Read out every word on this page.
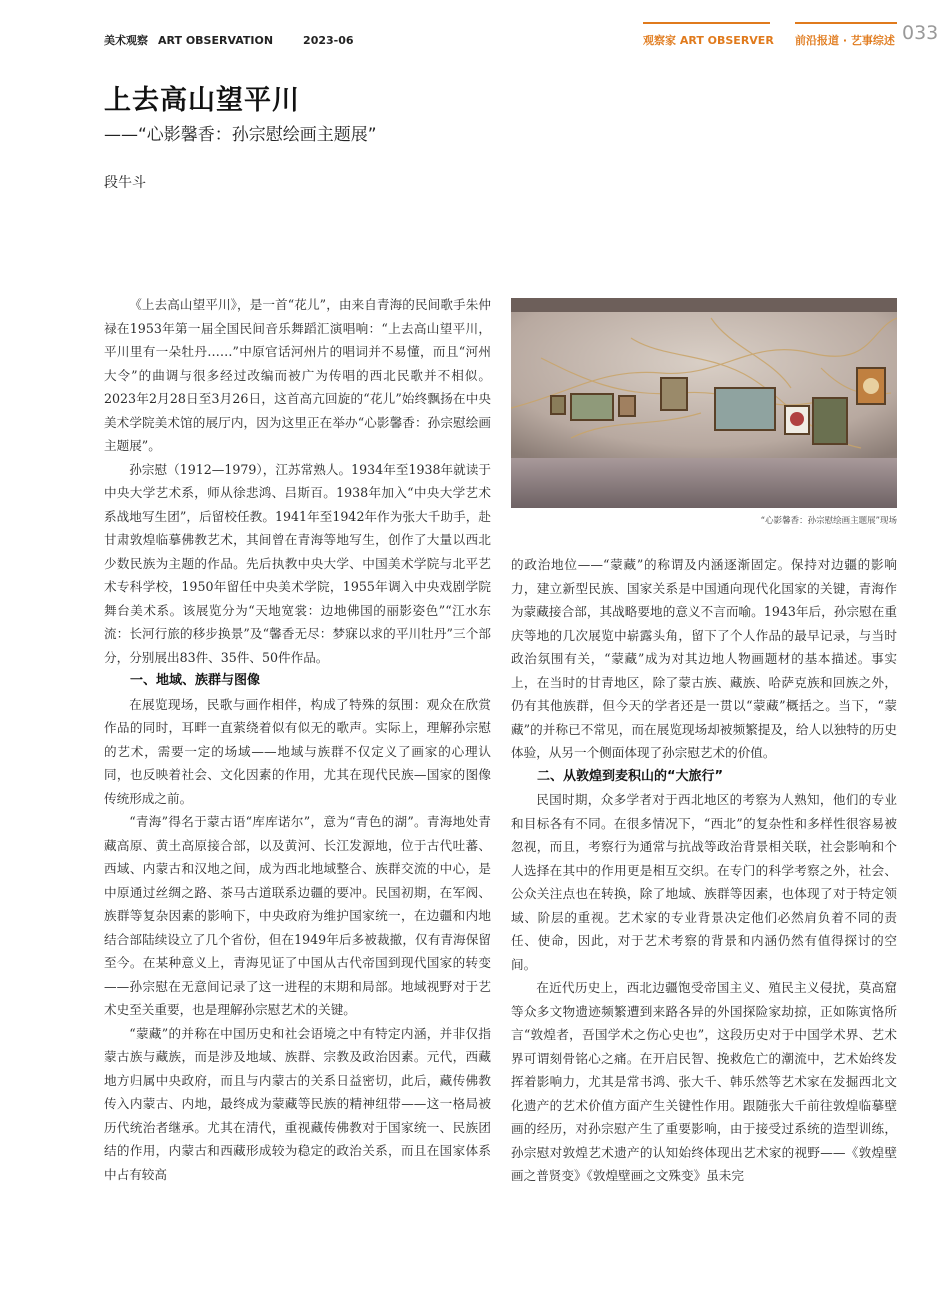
美术观察 ART OBSERVATION	2023-06	观察家 ART OBSERVER 前沿报道 · 艺事综述 033
上去高山望平川
——“心影馨香：孙宗慰绘画主题展”
段牛斗

《上去高山望平川》，是一首“花儿”，由来自青海的民间歌手朱仲禄在1953年第一届全国民间音乐舞蹈汇演唱响：“上去高山望平川，平川里有一朵牡丹……”中原官话河州片的唱词并不易懂，而且“河州大令”的曲调与很多经过改编而被广为传唱的西北民歌并不相似。2023年2月28日至3月26日，这首高亢回旋的“花儿”始终飘扬在中央美术学院美术馆的展厅内，因为这里正在举办“心影馨香：孙宗慰绘画主题展”。

孙宗慰（1912—1979），江苏常熟人。1934年至1938年就读于中央大学艺术系，师从徐悲鸿、吕斯百。1938年加入“中央大学艺术系战地写生团”，后留校任教。1941年至1942年作为张大千助手，赴甘肃敦煌临摹佛教艺术，其间曾在青海等地写生，创作了大量以西北少数民族为主题的作品。先后执教中央大学、中国美术学院与北平艺术专科学校，1950年留任中央美术学院，1955年调入中央戏剧学院舞台美术系。该展览分为“天地宽裳：边地佛国的丽影姿色”“江水东流：长河行旅的移步换景”及“馨香无尽：梦寐以求的平川牡丹”三个部分，分别展出83件、35件、50件作品。

一、地域、族群与图像

在展览现场，民歌与画作相伴，构成了特殊的氛围：观众在欣赏作品的同时，耳畔一直萦绕着似有似无的歌声。实际上，理解孙宗慰的艺术，需要一定的场域——地域与族群不仅定义了画家的心理认同，也反映着社会、文化因素的作用，尤其在现代民族—国家的图像传统形成之前。

“青海”得名于蒙古语“库库诺尔”，意为“青色的湖”。青海地处青藏高原、黄土高原接合部，以及黄河、长江发源地，位于古代吐蕃、西域、内蒙古和汉地之间，成为西北地域整合、族群交流的中心，是中原通过丝绸之路、茶马古道联系边疆的要冲。民国初期，在军阀、族群等复杂因素的影响下，中央政府为维护国家统一，在边疆和内地结合部陆续设立了几个省份，但在1949年后多被裁撤，仅有青海保留至今。在某种意义上，青海见证了中国从古代帝国到现代国家的转变——孙宗慰在无意间记录了这一进程的末期和局部。地域视野对于艺术史至关重要，也是理解孙宗慰艺术的关键。

“蒙藏”的并称在中国历史和社会语境之中有特定内涵，并非仅指蒙古族与藏族，而是涉及地域、族群、宗教及政治因素。元代，西藏地方归属中央政府，而且与内蒙古的关系日益密切，此后，藏传佛教传入内蒙古、内地，最终成为蒙藏等民族的精神纽带——这一格局被历代统治者继承。尤其在清代，重视藏传佛教对于国家统一、民族团结的作用，内蒙古和西藏形成较为稳定的政治关系，而且在国家体系中占有较高

“心影馨香：孙宗慰绘画主题展”现场

的政治地位——“蒙藏”的称谓及内涵逐渐固定。保持对边疆的影响力，建立新型民族、国家关系是中国通向现代化国家的关键，青海作为蒙藏接合部，其战略要地的意义不言而喻。1943年后，孙宗慰在重庆等地的几次展览中崭露头角，留下了个人作品的最早记录，与当时政治氛围有关，“蒙藏”成为对其边地人物画题材的基本描述。事实上，在当时的甘青地区，除了蒙古族、藏族、哈萨克族和回族之外，仍有其他族群，但今天的学者还是一贯以“蒙藏”概括之。当下，“蒙藏”的并称已不常见，而在展览现场却被频繁提及，给人以独特的历史体验，从另一个侧面体现了孙宗慰艺术的价值。

二、从敦煌到麦积山的“大旅行”

民国时期，众多学者对于西北地区的考察为人熟知，他们的专业和目标各有不同。在很多情况下，“西北”的复杂性和多样性很容易被忽视，而且，考察行为通常与抗战等政治背景相关联，社会影响和个人选择在其中的作用更是相互交织。在专门的科学考察之外，社会、公众关注点也在转换，除了地域、族群等因素，也体现了对于特定领域、阶层的重视。艺术家的专业背景决定他们必然肩负着不同的责任、使命，因此，对于艺术考察的背景和内涵仍然有值得探讨的空间。

在近代历史上，西北边疆饱受帝国主义、殖民主义侵扰，莫高窟等众多文物遗迹频繁遭到来路各异的外国探险家劫掠，正如陈寅恪所言“敦煌者，吾国学术之伤心史也”，这段历史对于中国学术界、艺术界可谓刻骨铭心之痛。在开启民智、挽救危亡的潮流中，艺术始终发挥着影响力，尤其是常书鸿、张大千、韩乐然等艺术家在发掘西北文化遗产的艺术价值方面产生关键性作用。跟随张大千前往敦煌临摹壁画的经历，对孙宗慰产生了重要影响，由于接受过系统的造型训练，孙宗慰对敦煌艺术遗产的认知始终体现出艺术家的视野——《敦煌壁画之普贤变》《敦煌壁画之文殊变》虽未完
